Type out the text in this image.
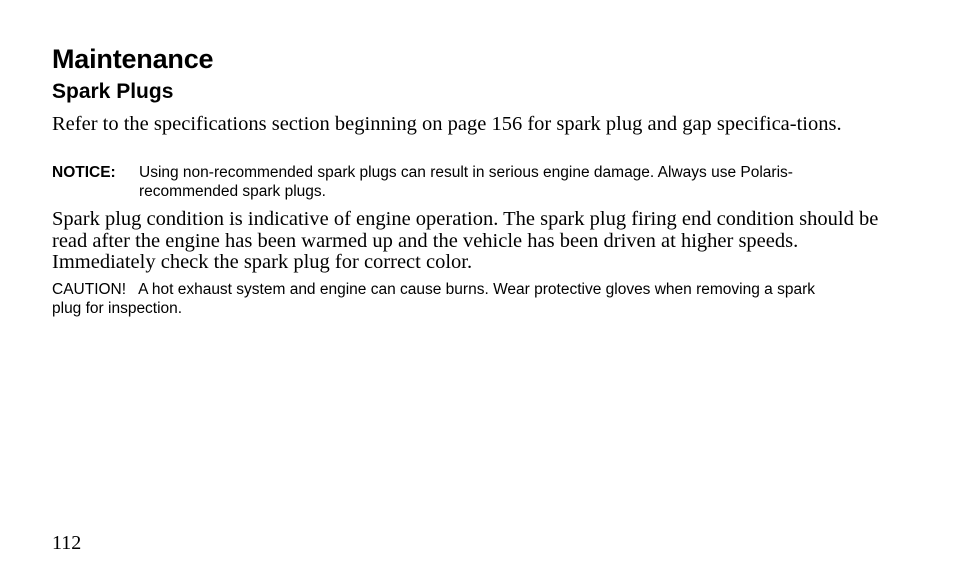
Maintenance
Spark Plugs

Refer to the specifications section beginning on page 156 for spark plug and gap specifica-tions.

NOTICE:	Using non-recommended spark plugs can result in serious engine damage. Always use Polaris-recommended spark plugs.

Spark plug condition is indicative of engine operation. The spark plug firing end condition should be read after the engine has been warmed up and the vehicle has been driven at higher speeds. Immediately check the spark plug for correct color.

CAUTION! A hot exhaust system and engine can cause burns. Wear protective gloves when removing a spark plug for inspection.

112
